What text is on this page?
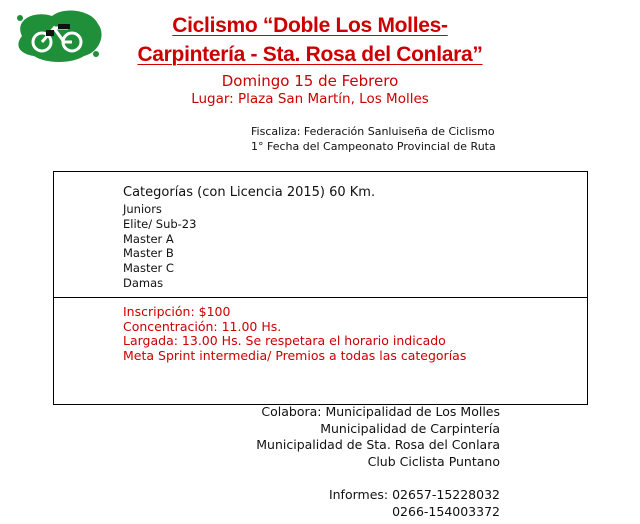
Ciclismo “Doble Los Molles-
Carpintería - Sta. Rosa del Conlara”
Domingo 15 de Febrero
Lugar: Plaza San Martín, Los Molles
Fiscaliza: Federación Sanluiseña de Ciclismo
1° Fecha del Campeonato Provincial de Ruta
Categorías (con Licencia 2015) 60 Km.
Juniors
Elite/ Sub-23
Master A
Master B
Master C
Damas
Inscripción: $100
Concentración: 11.00 Hs.
Largada: 13.00 Hs. Se respetara el horario indicado
Meta Sprint intermedia/ Premios a todas las categorías
Colabora: Municipalidad de Los Molles
Municipalidad de Carpintería
Municipalidad de Sta. Rosa del Conlara
Club Ciclista Puntano
Informes: 02657-15228032
0266-154003372
